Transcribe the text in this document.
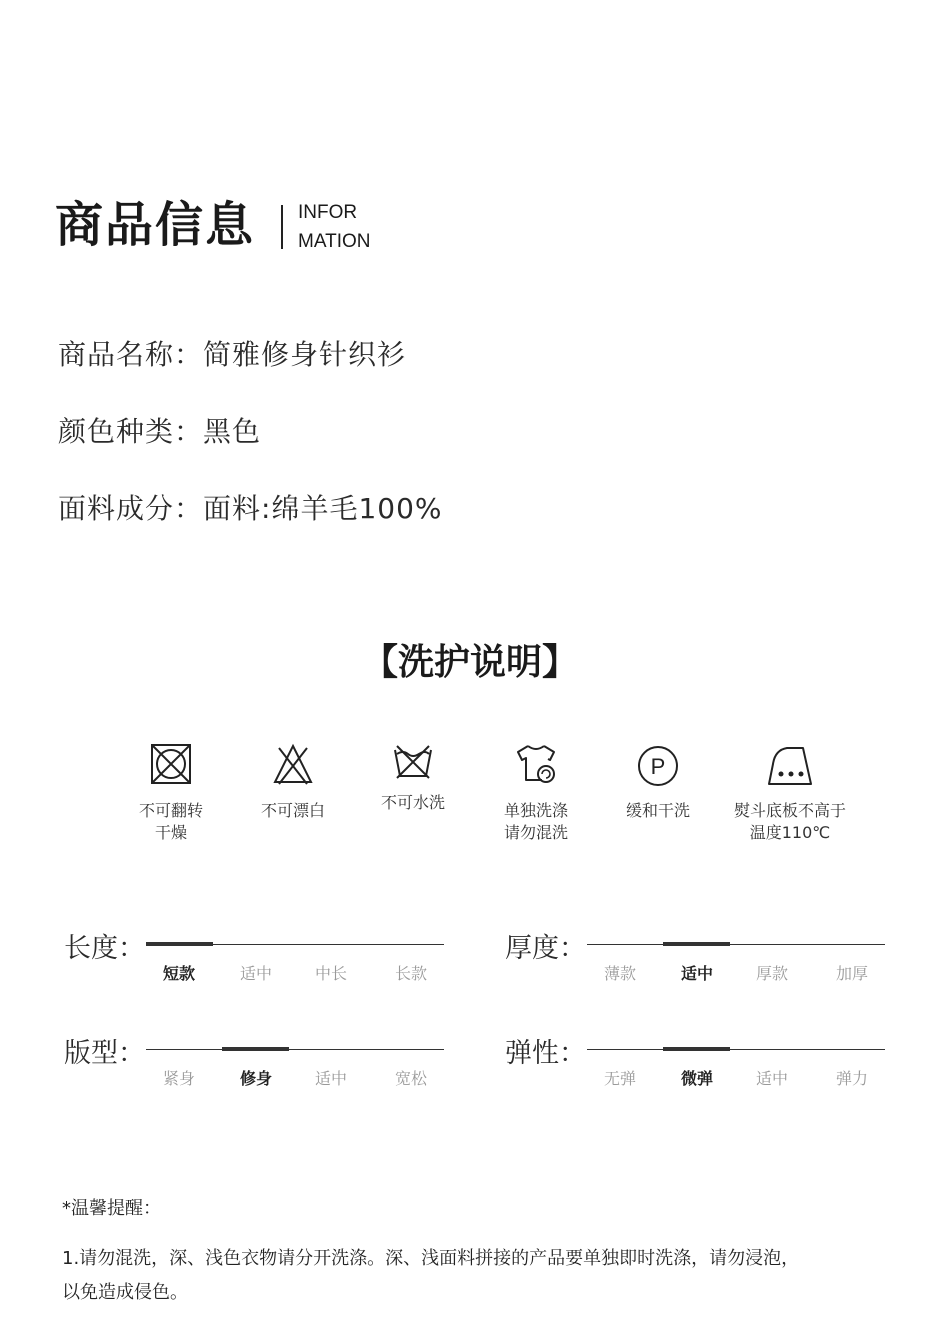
商品信息 INFOR
MATION
商品名称：简雅修身针织衫
颜色种类：黑色
面料成分：面料:绵羊毛100%
【洗护说明】
不可翻转
干燥
不可漂白	不可水洗	单独洗涤
请勿混洗
P
缓和干洗	熨斗底板不高于
温度110℃
长度：
短款	适中	中长	长款
厚度：
薄款	适中	厚款	加厚
版型：
紧身	修身	适中	宽松
弹性：
无弹	微弹	适中	弹力
*温馨提醒：
1.请勿混洗，深、浅色衣物请分开洗涤。深、浅面料拼接的产品要单独即时洗涤，请勿浸泡，
以免造成侵色。
